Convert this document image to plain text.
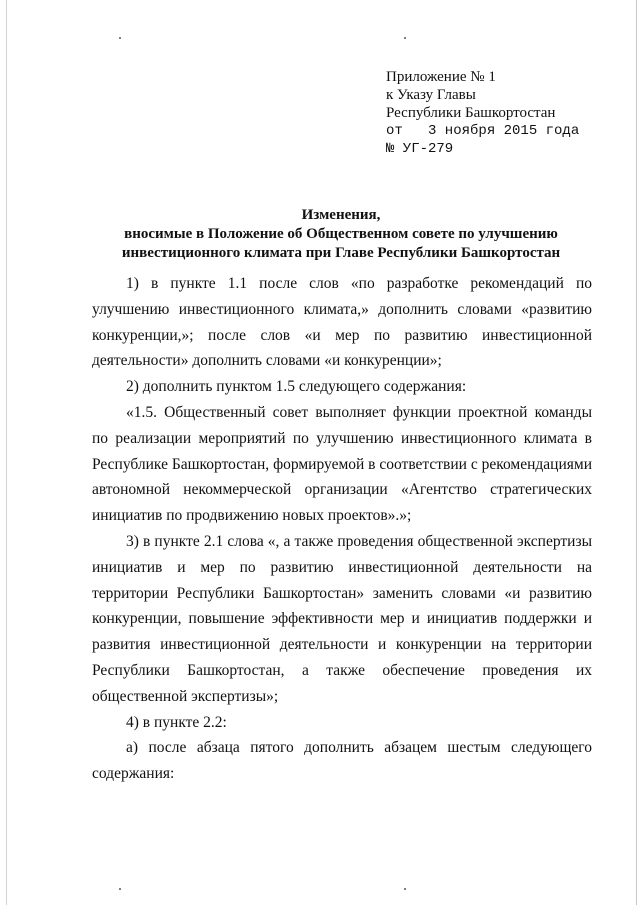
Приложение № 1
к Указу Главы
Республики Башкортостан
от   3 ноября 2015 года
№ УГ-279
Изменения,
вносимые в Положение об Общественном совете по улучшению
инвестиционного климата при Главе Республики Башкортостан

1) в пункте 1.1 после слов «по разработке рекомендаций по улучшению инвестиционного климата,» дополнить словами «развитию конкуренции,»; после слов «и мер по развитию инвестиционной деятельности» дополнить словами «и конкуренции»;

2) дополнить пунктом 1.5 следующего содержания:

«1.5. Общественный совет выполняет функции проектной команды по реализации мероприятий по улучшению инвестиционного климата в Республике Башкортостан, формируемой в соответствии с рекомендациями автономной некоммерческой организации «Агентство стратегических инициатив по продвижению новых проектов».»;

3) в пункте 2.1 слова «, а также проведения общественной экспертизы инициатив и мер по развитию инвестиционной деятельности на территории Республики Башкортостан» заменить словами «и развитию конкуренции, повышение эффективности мер и инициатив поддержки и развития инвестиционной деятельности и конкуренции на территории Республики Башкортостан, а также обеспечение проведения их общественной экспертизы»;

4) в пункте 2.2:

а) после абзаца пятого дополнить абзацем шестым следующего содержания:
